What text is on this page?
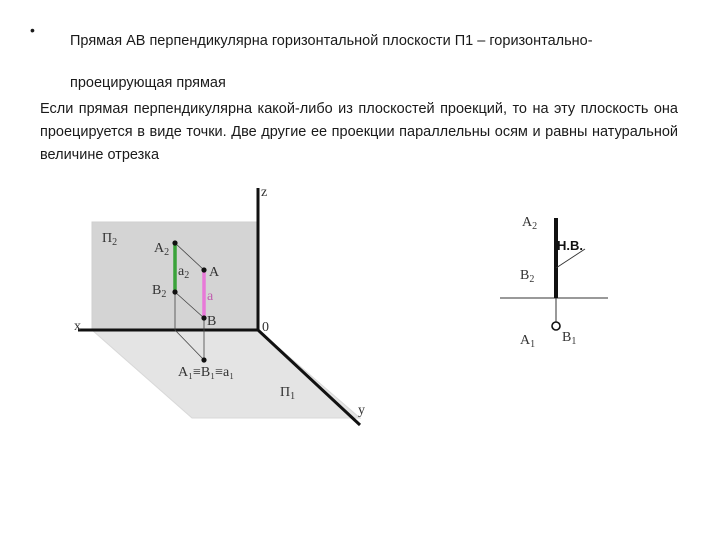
•
Прямая АВ перпендикулярна горизонтальной плоскости П1 – горизонтально-проецирующая прямая
Если прямая перпендикулярна какой-либо из плоскостей проекций, то на эту плоскость она проецируется в виде точки. Две другие ее проекции параллельны осям и равны натуральной величине отрезка
z
x
y
0
$П_2$
$П_1$
$A_2$
$B_2$
$a_2$ A
a
B
A₁≡B₁≡a₁
Н.В.
$A_2$
$B_2$
$A_1$ $B_1$
